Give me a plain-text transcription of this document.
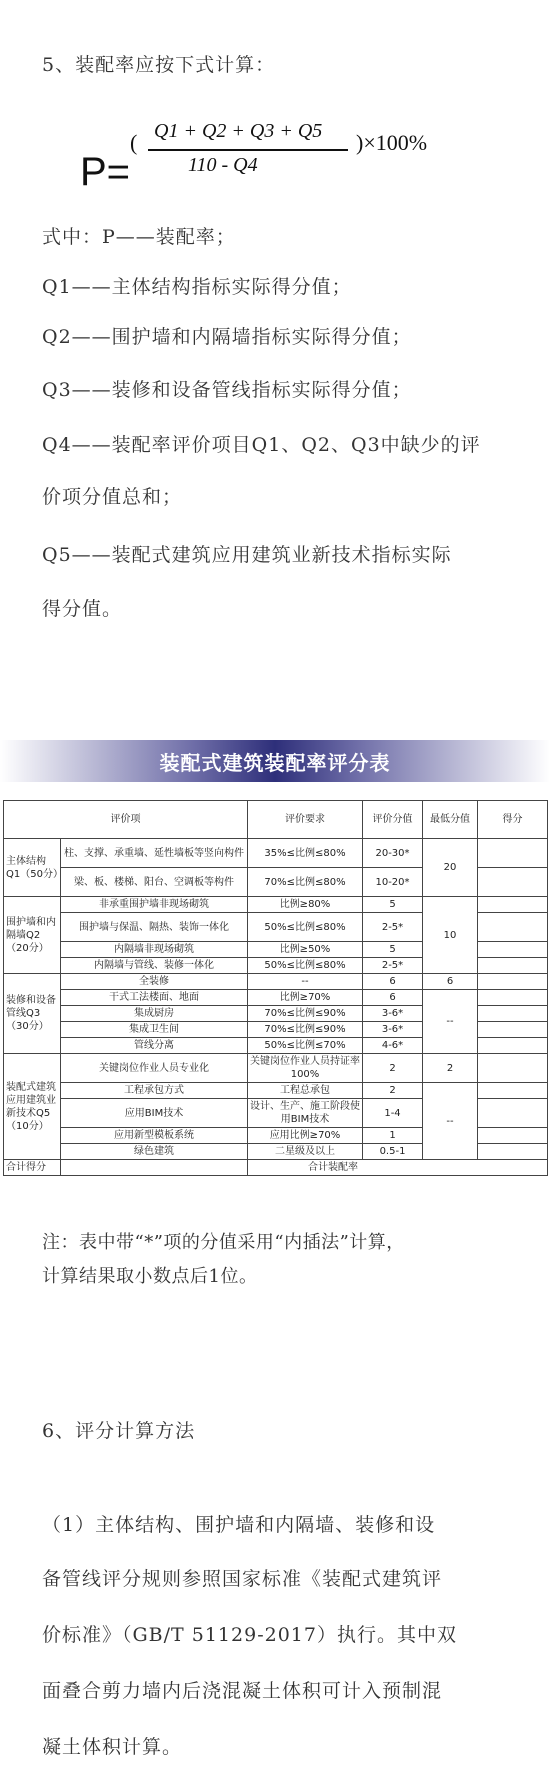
5、装配率应按下式计算：
P=
( Q1 + Q2 + Q3 + Q5
110 - Q4
)×100%
式中：P——装配率；
Q1——主体结构指标实际得分值；
Q2——围护墙和内隔墙指标实际得分值；
Q3——装修和设备管线指标实际得分值；
Q4——装配率评价项目Q1、Q2、Q3中缺少的评
价项分值总和；
Q5——装配式建筑应用建筑业新技术指标实际
得分值。
装配式建筑装配率评分表
评价项		评价要求	评价分值	最低分值	得分
主体结构Q1（50分）	柱、支撑、承重墙、延性墙板等竖向构件	35%≤比例≤80%	20-30*	20	
	梁、板、楼梯、阳台、空调板等构件	70%≤比例≤80%	10-20*		
围护墙和内隔墙Q2（20分）	非承重围护墙非现场砌筑	比例≥80%	5	10	
	围护墙与保温、隔热、装饰一体化	50%≤比例≤80%	2-5*		
	内隔墙非现场砌筑	比例≥50%	5		
	内隔墙与管线、装修一体化	50%≤比例≤80%	2-5*		
装修和设备管线Q3（30分）	全装修	--	6	6	
	干式工法楼面、地面	比例≥70%	6	--	
	集成厨房	70%≤比例≤90%	3-6*		
	集成卫生间	70%≤比例≤90%	3-6*		
	管线分离	50%≤比例≤70%	4-6*		
装配式建筑应用建筑业新技术Q5（10分）	关键岗位作业人员专业化	关键岗位作业人员持证率100%	2	2	
	工程承包方式	工程总承包	2	--	
	应用BIM技术	设计、生产、施工阶段使用BIM技术	1-4		
	应用新型模板系统	应用比例≥70%	1		
	绿色建筑	二星级及以上	0.5-1		
合计得分		合计装配率			
注：表中带“*”项的分值采用“内插法”计算，
计算结果取小数点后1位。
6、评分计算方法
（1）主体结构、围护墙和内隔墙、装修和设
备管线评分规则参照国家标准《装配式建筑评
价标准》（GB/T 51129-2017）执行。其中双
面叠合剪力墙内后浇混凝土体积可计入预制混
凝土体积计算。
